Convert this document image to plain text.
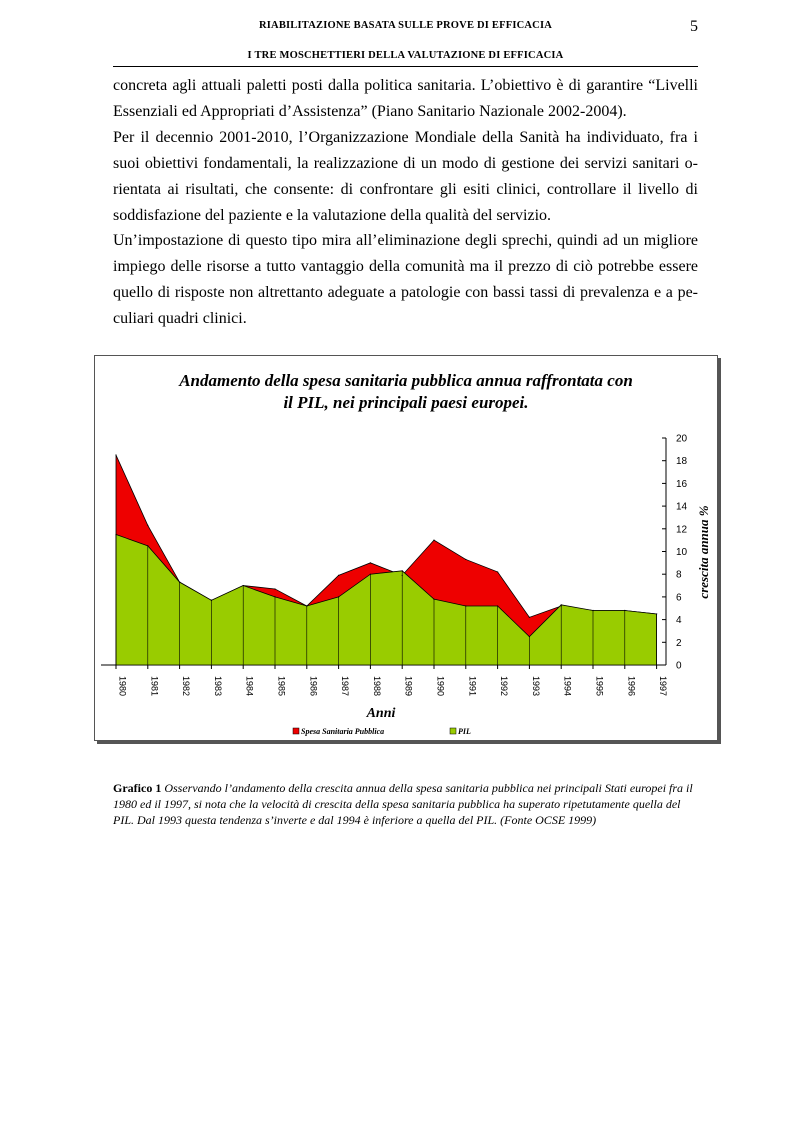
RIABILITAZIONE BASATA SULLE PROVE DI EFFICACIA	5
I TRE MOSCHETTIERI DELLA VALUTAZIONE DI EFFICACIA

concreta agli attuali paletti posti dalla politica sanitaria. L’obiettivo è di garantire “Livelli Essenziali ed Appropriati d’Assistenza” (Piano Sanitario Nazionale 2002-2004).

Per il decennio 2001-2010, l’Organizzazione Mondiale della Sanità ha individuato, fra i suoi obiettivi fondamentali, la realizzazione di un modo di gestione dei servizi sanitari o-rientata ai risultati, che consente: di confrontare gli esiti clinici, controllare il livello di soddisfazione del paziente e la valutazione della qualità del servizio.

Un’impostazione di questo tipo mira all’eliminazione degli sprechi, quindi ad un migliore impiego delle risorse a tutto vantaggio della comunità ma il prezzo di ciò potrebbe essere quello di risposte non altrettanto adeguate a patologie con bassi tassi di prevalenza e a pe-culiari quadri clinici.

Andamento della spesa sanitaria pubblica annua raffrontata con
il PIL, nei principali paesi europei.
0
2
4
6
8
10
12
14
16
18
20
1980 1981 1982 1983 1984 1985 1986 1987 1988 1989 1990 1991 1992 1993 1994 1995 1996 1997
Anni
crescita annua %
Spesa Sanitaria Pubblica	PIL
Grafico 1 Osservando l’andamento della crescita annua della spesa sanitaria pubblica nei principali Stati europei fra il 1980 ed il 1997, si nota che la velocità di crescita della spesa sanitaria pubblica ha superato ripetutamente quella del PIL. Dal 1993 questa tendenza s’inverte e dal 1994 è inferiore a quella del PIL. (Fonte OCSE 1999)
